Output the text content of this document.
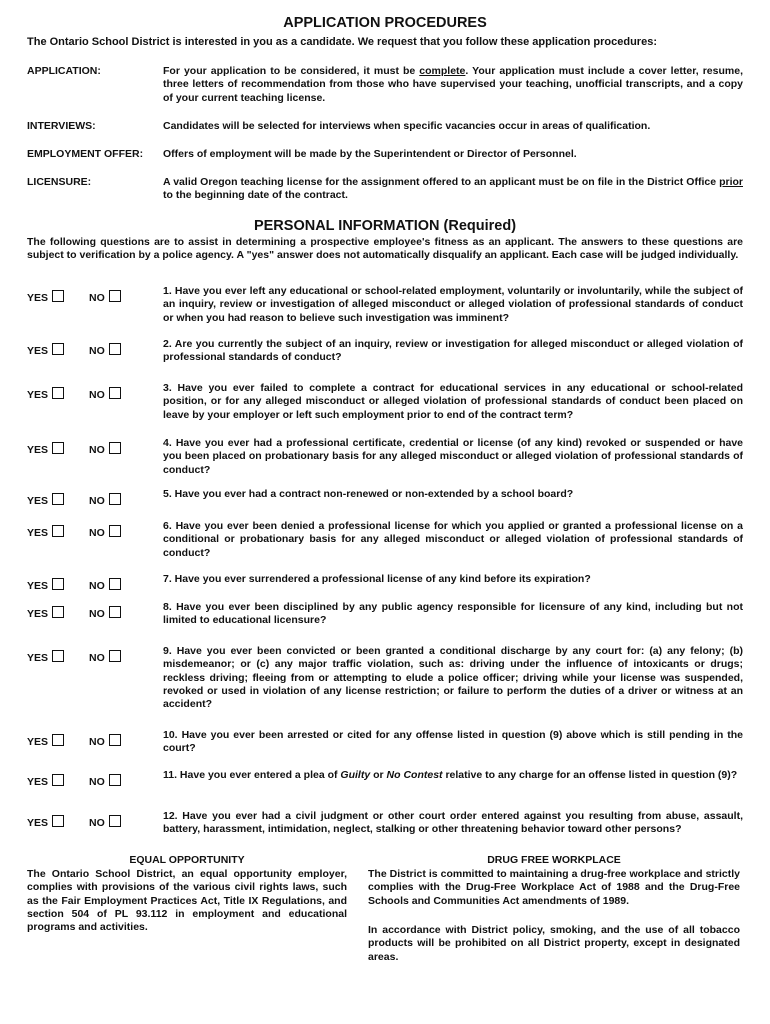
APPLICATION PROCEDURES
The Ontario School District is interested in you as a candidate. We request that you follow these application procedures:
APPLICATION:	For your application to be considered, it must be complete. Your application must include a cover letter, resume, three letters of recommendation from those who have supervised your teaching, unofficial transcripts, and a copy of your current teaching license.
INTERVIEWS:	Candidates will be selected for interviews when specific vacancies occur in areas of qualification.
EMPLOYMENT OFFER:	Offers of employment will be made by the Superintendent or Director of Personnel.
LICENSURE:	A valid Oregon teaching license for the assignment offered to an applicant must be on file in the District Office prior to the beginning date of the contract.
PERSONAL INFORMATION (Required)
The following questions are to assist in determining a prospective employee's fitness as an applicant. The answers to these questions are subject to verification by a police agency. A "yes" answer does not automatically disqualify an applicant. Each case will be judged individually.
YES	NO
1. Have you ever left any educational or school-related employment, voluntarily or involuntarily, while the subject of an inquiry, review or investigation of alleged misconduct or alleged violation of professional standards of conduct or when you had reason to believe such investigation was imminent?
YES	NO
2. Are you currently the subject of an inquiry, review or investigation for alleged misconduct or alleged violation of professional standards of conduct?
YES	NO
3. Have you ever failed to complete a contract for educational services in any educational or school-related position, or for any alleged misconduct or alleged violation of professional standards of conduct been placed on leave by your employer or left such employment prior to end of the contract term?
YES	NO
4. Have you ever had a professional certificate, credential or license (of any kind) revoked or suspended or have you been placed on probationary basis for any alleged misconduct or alleged violation of professional standards of conduct?
YES	NO
5. Have you ever had a contract non-renewed or non-extended by a school board?
YES	NO
6. Have you ever been denied a professional license for which you applied or granted a professional license on a conditional or probationary basis for any alleged misconduct or alleged violation of professional standards of conduct?
YES	NO
7. Have you ever surrendered a professional license of any kind before its expiration?
YES	NO
8. Have you ever been disciplined by any public agency responsible for licensure of any kind, including but not limited to educational licensure?
YES	NO
9. Have you ever been convicted or been granted a conditional discharge by any court for: (a) any felony; (b) misdemeanor; or (c) any major traffic violation, such as: driving under the influence of intoxicants or drugs; reckless driving; fleeing from or attempting to elude a police officer; driving while your license was suspended, revoked or used in violation of any license restriction; or failure to perform the duties of a driver or witness at an accident?
YES	NO
10. Have you ever been arrested or cited for any offense listed in question (9) above which is still pending in the court?
YES	NO
11. Have you ever entered a plea of Guilty or No Contest relative to any charge for an offense listed in question (9)?
YES	NO
12. Have you ever had a civil judgment or other court order entered against you resulting from abuse, assault, battery, harassment, intimidation, neglect, stalking or other threatening behavior toward other persons?
EQUAL OPPORTUNITY
The Ontario School District, an equal opportunity employer, complies with provisions of the various civil rights laws, such as the Fair Employment Practices Act, Title IX Regulations, and section 504 of PL 93.112 in employment and educational programs and activities.
DRUG FREE WORKPLACE
The District is committed to maintaining a drug-free workplace and strictly complies with the Drug-Free Workplace Act of 1988 and the Drug-Free Schools and Communities Act amendments of 1989.
In accordance with District policy, smoking, and the use of all tobacco products will be prohibited on all District property, except in designated areas.
